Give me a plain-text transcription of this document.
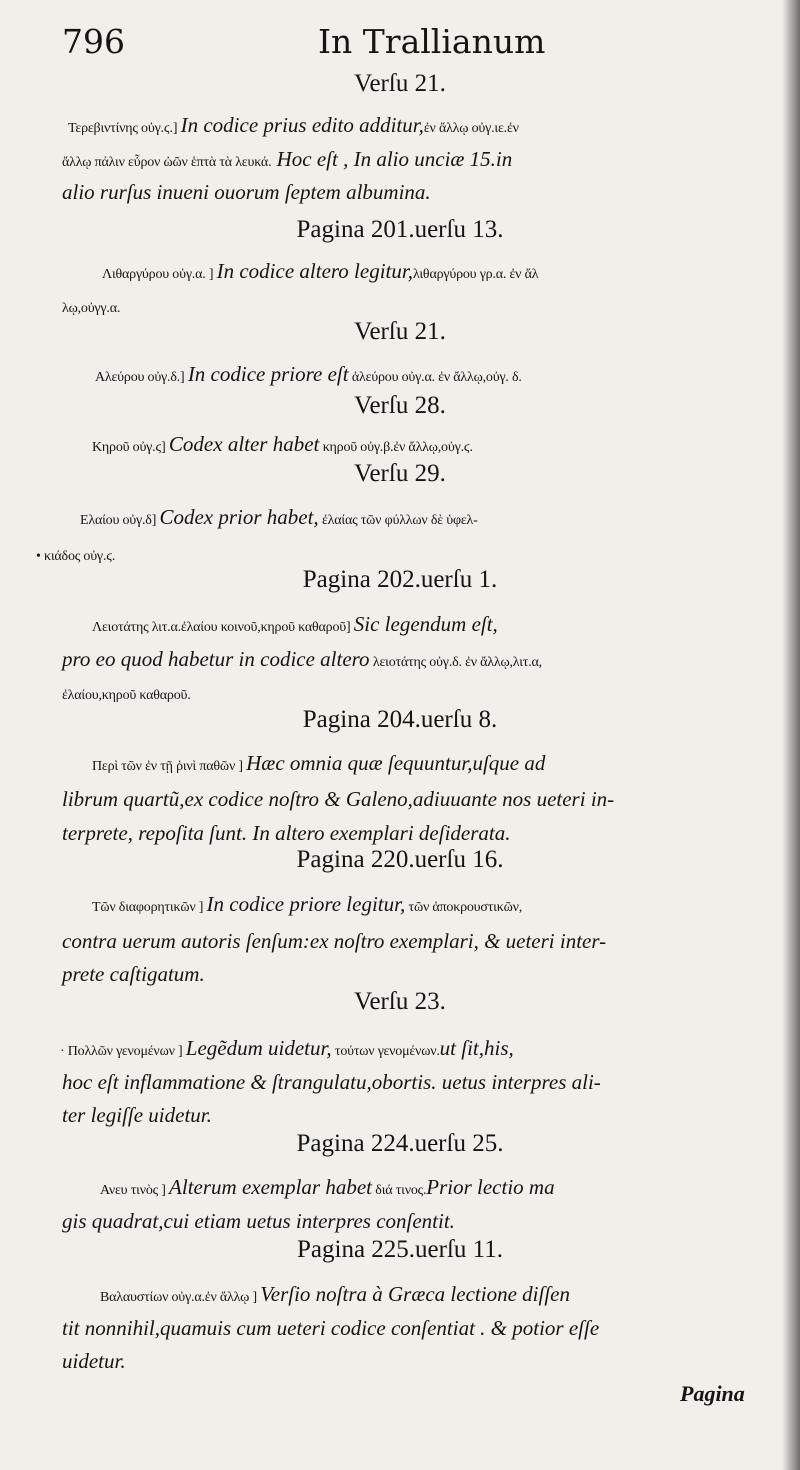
796	In Trallianum
Verſu 21.
Τερεβιντίνης οὐγ.ϛ.] In codice prius edito additur,ἐν ἄλλῳ οὐγ.ιε.ἐν
ἄλλῳ πάλιν εὗρον ὠῶν ἑπτὰ τὰ λευκά. Hoc eſt , In alio unciæ 15.in
alio rurſus inueni ouorum ſeptem albumina.
Pagina 201.uerſu 13.
Λιθαργύρου οὐγ.α. ] In codice altero legitur,λιθαργύρου γρ.α. ἐν ἄλ
λῳ,οὐγγ.α.
Verſu 21.
Αλεύρου οὐγ.δ.] In codice priore eſt ἀλεύρου οὐγ.α. ἐν ἄλλῳ,οὐγ. δ.
Verſu 28.
Κηροῦ οὐγ.ϛ] Codex alter habet κηροῦ οὐγ.β.ἐν ἄλλῳ,οὐγ.ϛ.
Verſu 29.
Ελαίου οὐγ.δ] Codex prior habet, ἐλαίας τῶν φύλλων δὲ ὑφελ-
• κιάδος οὐγ.ϛ.
Pagina 202.uerſu 1.
Λειοτάτης λιτ.α.ἐλαίου κοινοῦ,κηροῦ καθαροῦ] Sic legendum eſt,
pro eo quod habetur in codice altero λειοτάτης οὐγ.δ. ἐν ἄλλῳ,λιτ.α,
ἐλαίου,κηροῦ καθαροῦ.
Pagina 204.uerſu 8.
Περὶ τῶν ἐν τῇ ῥινὶ παθῶν ] Hæc omnia quæ ſequuntur,uſque ad
librum quartũ,ex codice noſtro & Galeno,adiuuante nos ueteri in-
terprete, repoſita ſunt. In altero exemplari deſiderata.
Pagina 220.uerſu 16.
Τῶν διαφορητικῶν ] In codice priore legitur, τῶν ἀποκρουστικῶν,
contra uerum autoris ſenſum:ex noſtro exemplari, & ueteri inter-
prete caſtigatum.
Verſu 23.
· Πολλῶν γενομένων ] Legẽdum uidetur, τούτων γενομένων.ut ſit,his,
hoc eſt inflammatione & ſtrangulatu,obortis. uetus interpres ali-
ter legiſſe uidetur.
Pagina 224.uerſu 25.
Ανευ τινὸς ] Alterum exemplar habet διά τινος.Prior lectio ma
gis quadrat,cui etiam uetus interpres conſentit.
Pagina 225.uerſu 11.
Βαλαυστίων οὐγ.α.ἐν ἄλλῳ ] Verſio noſtra à Græca lectione diſſen
tit nonnihil,quamuis cum ueteri codice conſentiat . & potior eſſe
uidetur.
Pagina
